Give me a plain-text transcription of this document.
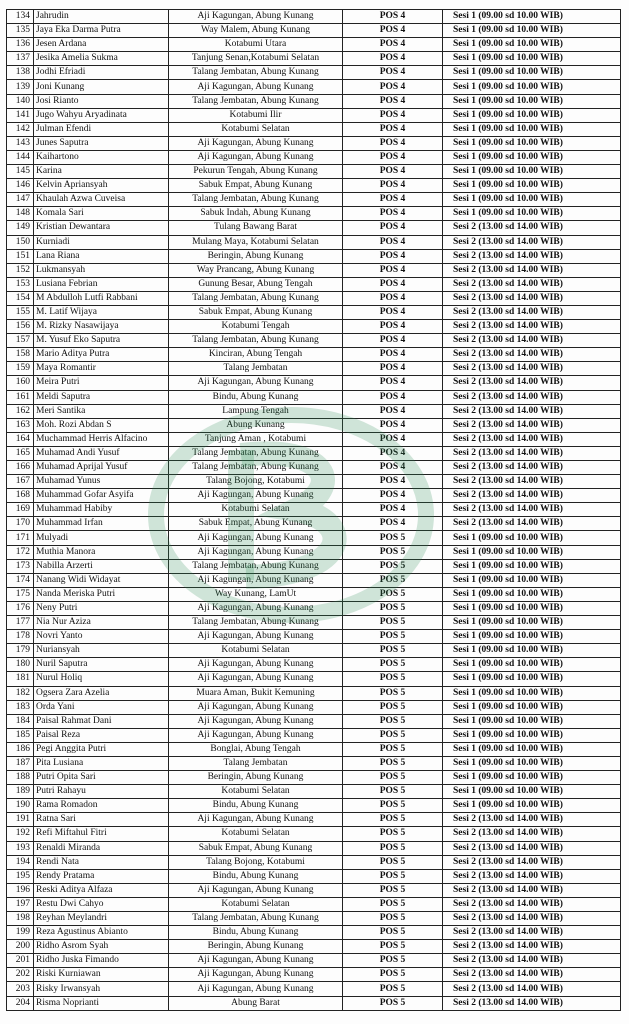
134	Jahrudin	Aji Kagungan, Abung Kunang	POS 4	Sesi 1 (09.00 sd 10.00 WIB)
135	Jaya Eka Darma Putra	Way Malem, Abung Kunang	POS 4	Sesi 1 (09.00 sd 10.00 WIB)
136	Jesen Ardana	Kotabumi Utara	POS 4	Sesi 1 (09.00 sd 10.00 WIB)
137	Jesika Amelia Sukma	Tanjung Senan,Kotabumi Selatan	POS 4	Sesi 1 (09.00 sd 10.00 WIB)
138	Jodhi Efriadi	Talang Jembatan, Abung Kunang	POS 4	Sesi 1 (09.00 sd 10.00 WIB)
139	Joni Kunang	Aji Kagungan, Abung Kunang	POS 4	Sesi 1 (09.00 sd 10.00 WIB)
140	Josi Rianto	Talang Jembatan, Abung Kunang	POS 4	Sesi 1 (09.00 sd 10.00 WIB)
141	Jugo Wahyu Aryadinata	Kotabumi Ilir	POS 4	Sesi 1 (09.00 sd 10.00 WIB)
142	Julman Efendi	Kotabumi Selatan	POS 4	Sesi 1 (09.00 sd 10.00 WIB)
143	Junes Saputra	Aji Kagungan, Abung Kunang	POS 4	Sesi 1 (09.00 sd 10.00 WIB)
144	Kaihartono	Aji Kagungan, Abung Kunang	POS 4	Sesi 1 (09.00 sd 10.00 WIB)
145	Karina	Pekurun Tengah, Abung Kunang	POS 4	Sesi 1 (09.00 sd 10.00 WIB)
146	Kelvin Apriansyah	Sabuk Empat, Abung Kunang	POS 4	Sesi 1 (09.00 sd 10.00 WIB)
147	Khaulah Azwa Cuveisa	Talang Jembatan, Abung Kunang	POS 4	Sesi 1 (09.00 sd 10.00 WIB)
148	Komala Sari	Sabuk Indah, Abung Kunang	POS 4	Sesi 1 (09.00 sd 10.00 WIB)
149	Kristian Dewantara	Tulang Bawang Barat	POS 4	Sesi 2 (13.00 sd 14.00 WIB)
150	Kurniadi	Mulang Maya, Kotabumi Selatan	POS 4	Sesi 2 (13.00 sd 14.00 WIB)
151	Lana Riana	Beringin, Abung Kunang	POS 4	Sesi 2 (13.00 sd 14.00 WIB)
152	Lukmansyah	Way Prancang, Abung Kunang	POS 4	Sesi 2 (13.00 sd 14.00 WIB)
153	Lusiana Febrian	Gunung Besar, Abung Tengah	POS 4	Sesi 2 (13.00 sd 14.00 WIB)
154	M Abdulloh Lutfi Rabbani	Talang Jembatan, Abung Kunang	POS 4	Sesi 2 (13.00 sd 14.00 WIB)
155	M. Latif Wijaya	Sabuk Empat, Abung Kunang	POS 4	Sesi 2 (13.00 sd 14.00 WIB)
156	M. Rizky Nasawijaya	Kotabumi Tengah	POS 4	Sesi 2 (13.00 sd 14.00 WIB)
157	M. Yusuf Eko Saputra	Talang Jembatan, Abung Kunang	POS 4	Sesi 2 (13.00 sd 14.00 WIB)
158	Mario Aditya Putra	Kinciran, Abung Tengah	POS 4	Sesi 2 (13.00 sd 14.00 WIB)
159	Maya Romantir	Talang Jembatan	POS 4	Sesi 2 (13.00 sd 14.00 WIB)
160	Meira Putri	Aji Kagungan, Abung Kunang	POS 4	Sesi 2 (13.00 sd 14.00 WIB)
161	Meldi Saputra	Bindu, Abung Kunang	POS 4	Sesi 2 (13.00 sd 14.00 WIB)
162	Meri Santika	Lampung Tengah	POS 4	Sesi 2 (13.00 sd 14.00 WIB)
163	Moh. Rozi Abdan S	Abung Kunang	POS 4	Sesi 2 (13.00 sd 14.00 WIB)
164	Muchammad Herris Alfacino	Tanjung Aman , Kotabumi	POS 4	Sesi 2 (13.00 sd 14.00 WIB)
165	Muhamad Andi Yusuf	Talang Jembatan, Abung Kunang	POS 4	Sesi 2 (13.00 sd 14.00 WIB)
166	Muhamad Aprijal Yusuf	Talang Jembatan, Abung Kunang	POS 4	Sesi 2 (13.00 sd 14.00 WIB)
167	Muhamad Yunus	Talang Bojong, Kotabumi	POS 4	Sesi 2 (13.00 sd 14.00 WIB)
168	Muhammad Gofar Asyifa	Aji Kagungan, Abung Kunang	POS 4	Sesi 2 (13.00 sd 14.00 WIB)
169	Muhammad Habiby	Kotabumi Selatan	POS 4	Sesi 2 (13.00 sd 14.00 WIB)
170	Muhammad Irfan	Sabuk Empat, Abung Kunang	POS 4	Sesi 2 (13.00 sd 14.00 WIB)
171	Mulyadi	Aji Kagungan, Abung Kunang	POS 5	Sesi 1 (09.00 sd 10.00 WIB)
172	Muthia Manora	Aji Kagungan, Abung Kunang	POS 5	Sesi 1 (09.00 sd 10.00 WIB)
173	Nabilla Arzerti	Talang Jembatan, Abung Kunang	POS 5	Sesi 1 (09.00 sd 10.00 WIB)
174	Nanang Widi Widayat	Aji Kagungan, Abung Kunang	POS 5	Sesi 1 (09.00 sd 10.00 WIB)
175	Nanda Meriska Putri	Way Kunang, LamUt	POS 5	Sesi 1 (09.00 sd 10.00 WIB)
176	Neny Putri	Aji Kagungan, Abung Kunang	POS 5	Sesi 1 (09.00 sd 10.00 WIB)
177	Nia Nur Aziza	Talang Jembatan, Abung Kunang	POS 5	Sesi 1 (09.00 sd 10.00 WIB)
178	Novri Yanto	Aji Kagungan, Abung Kunang	POS 5	Sesi 1 (09.00 sd 10.00 WIB)
179	Nuriansyah	Kotabumi Selatan	POS 5	Sesi 1 (09.00 sd 10.00 WIB)
180	Nuril Saputra	Aji Kagungan, Abung Kunang	POS 5	Sesi 1 (09.00 sd 10.00 WIB)
181	Nurul Holiq	Aji Kagungan, Abung Kunang	POS 5	Sesi 1 (09.00 sd 10.00 WIB)
182	Ogsera Zara Azelia	Muara Aman, Bukit Kemuning	POS 5	Sesi 1 (09.00 sd 10.00 WIB)
183	Orda Yani	Aji Kagungan, Abung Kunang	POS 5	Sesi 1 (09.00 sd 10.00 WIB)
184	Paisal Rahmat Dani	Aji Kagungan, Abung Kunang	POS 5	Sesi 1 (09.00 sd 10.00 WIB)
185	Paisal Reza	Aji Kagungan, Abung Kunang	POS 5	Sesi 1 (09.00 sd 10.00 WIB)
186	Pegi Anggita Putri	Bonglai, Abung Tengah	POS 5	Sesi 1 (09.00 sd 10.00 WIB)
187	Pita Lusiana	Talang Jembatan	POS 5	Sesi 1 (09.00 sd 10.00 WIB)
188	Putri Opita Sari	Beringin, Abung Kunang	POS 5	Sesi 1 (09.00 sd 10.00 WIB)
189	Putri Rahayu	Kotabumi Selatan	POS 5	Sesi 1 (09.00 sd 10.00 WIB)
190	Rama Romadon	Bindu, Abung Kunang	POS 5	Sesi 1 (09.00 sd 10.00 WIB)
191	Ratna Sari	Aji Kagungan, Abung Kunang	POS 5	Sesi 2 (13.00 sd 14.00 WIB)
192	Refi Miftahul Fitri	Kotabumi Selatan	POS 5	Sesi 2 (13.00 sd 14.00 WIB)
193	Renaldi Miranda	Sabuk Empat, Abung Kunang	POS 5	Sesi 2 (13.00 sd 14.00 WIB)
194	Rendi Nata	Talang Bojong, Kotabumi	POS 5	Sesi 2 (13.00 sd 14.00 WIB)
195	Rendy Pratama	Bindu, Abung Kunang	POS 5	Sesi 2 (13.00 sd 14.00 WIB)
196	Reski Aditya Alfaza	Aji Kagungan, Abung Kunang	POS 5	Sesi 2 (13.00 sd 14.00 WIB)
197	Restu Dwi Cahyo	Kotabumi Selatan	POS 5	Sesi 2 (13.00 sd 14.00 WIB)
198	Reyhan Meylandri	Talang Jembatan, Abung Kunang	POS 5	Sesi 2 (13.00 sd 14.00 WIB)
199	Reza Agustinus Abianto	Bindu, Abung Kunang	POS 5	Sesi 2 (13.00 sd 14.00 WIB)
200	Ridho Asrom Syah	Beringin, Abung Kunang	POS 5	Sesi 2 (13.00 sd 14.00 WIB)
201	Ridho Juska Fimando	Aji Kagungan, Abung Kunang	POS 5	Sesi 2 (13.00 sd 14.00 WIB)
202	Riski Kurniawan	Aji Kagungan, Abung Kunang	POS 5	Sesi 2 (13.00 sd 14.00 WIB)
203	Risky Irwansyah	Aji Kagungan, Abung Kunang	POS 5	Sesi 2 (13.00 sd 14.00 WIB)
204	Risma Noprianti	Abung Barat	POS 5	Sesi 2 (13.00 sd 14.00 WIB)
